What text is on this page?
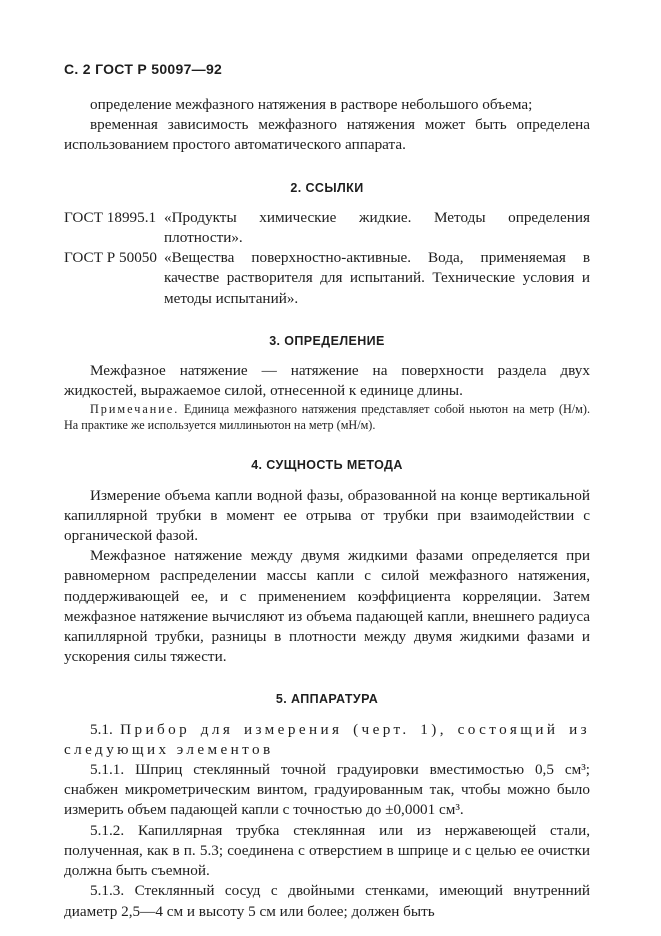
С. 2 ГОСТ Р 50097—92

определение межфазного натяжения в растворе небольшого объема;

временная зависимость межфазного натяжения может быть определена использованием простого автоматического аппарата.

2. ССЫЛКИ

ГОСТ 18995.1 «Продукты химические жидкие. Методы определения плотности».
ГОСТ Р 50050 «Вещества поверхностно-активные. Вода, применяемая в качестве растворителя для испытаний. Технические условия и методы испытаний».

3. ОПРЕДЕЛЕНИЕ

Межфазное натяжение — натяжение на поверхности раздела двух жидкостей, выражаемое силой, отнесенной к единице длины.

Примечание. Единица межфазного натяжения представляет собой ньютон на метр (Н/м). На практике же используется миллиньютон на метр (мН/м).

4. СУЩНОСТЬ МЕТОДА

Измерение объема капли водной фазы, образованной на конце вертикальной капиллярной трубки в момент ее отрыва от трубки при взаимодействии с органической фазой.

Межфазное натяжение между двумя жидкими фазами определяется при равномерном распределении массы капли с силой межфазного натяжения, поддерживающей ее, и с применением коэффициента корреляции. Затем межфазное натяжение вычисляют из объема падающей капли, внешнего радиуса капиллярной трубки, разницы в плотности между двумя жидкими фазами и ускорения силы тяжести.

5. АППАРАТУРА

5.1. Прибор для измерения (черт. 1), состоящий из следующих элементов

5.1.1. Шприц стеклянный точной градуировки вместимостью 0,5 см³; снабжен микрометрическим винтом, градуированным так, чтобы можно было измерить объем падающей капли с точностью до ±0,0001 см³.

5.1.2. Капиллярная трубка стеклянная или из нержавеющей стали, полученная, как в п. 5.3; соединена с отверстием в шприце и с целью ее очистки должна быть съемной.

5.1.3. Стеклянный сосуд с двойными стенками, имеющий внутренний диаметр 2,5—4 см и высоту 5 см или более; должен быть
